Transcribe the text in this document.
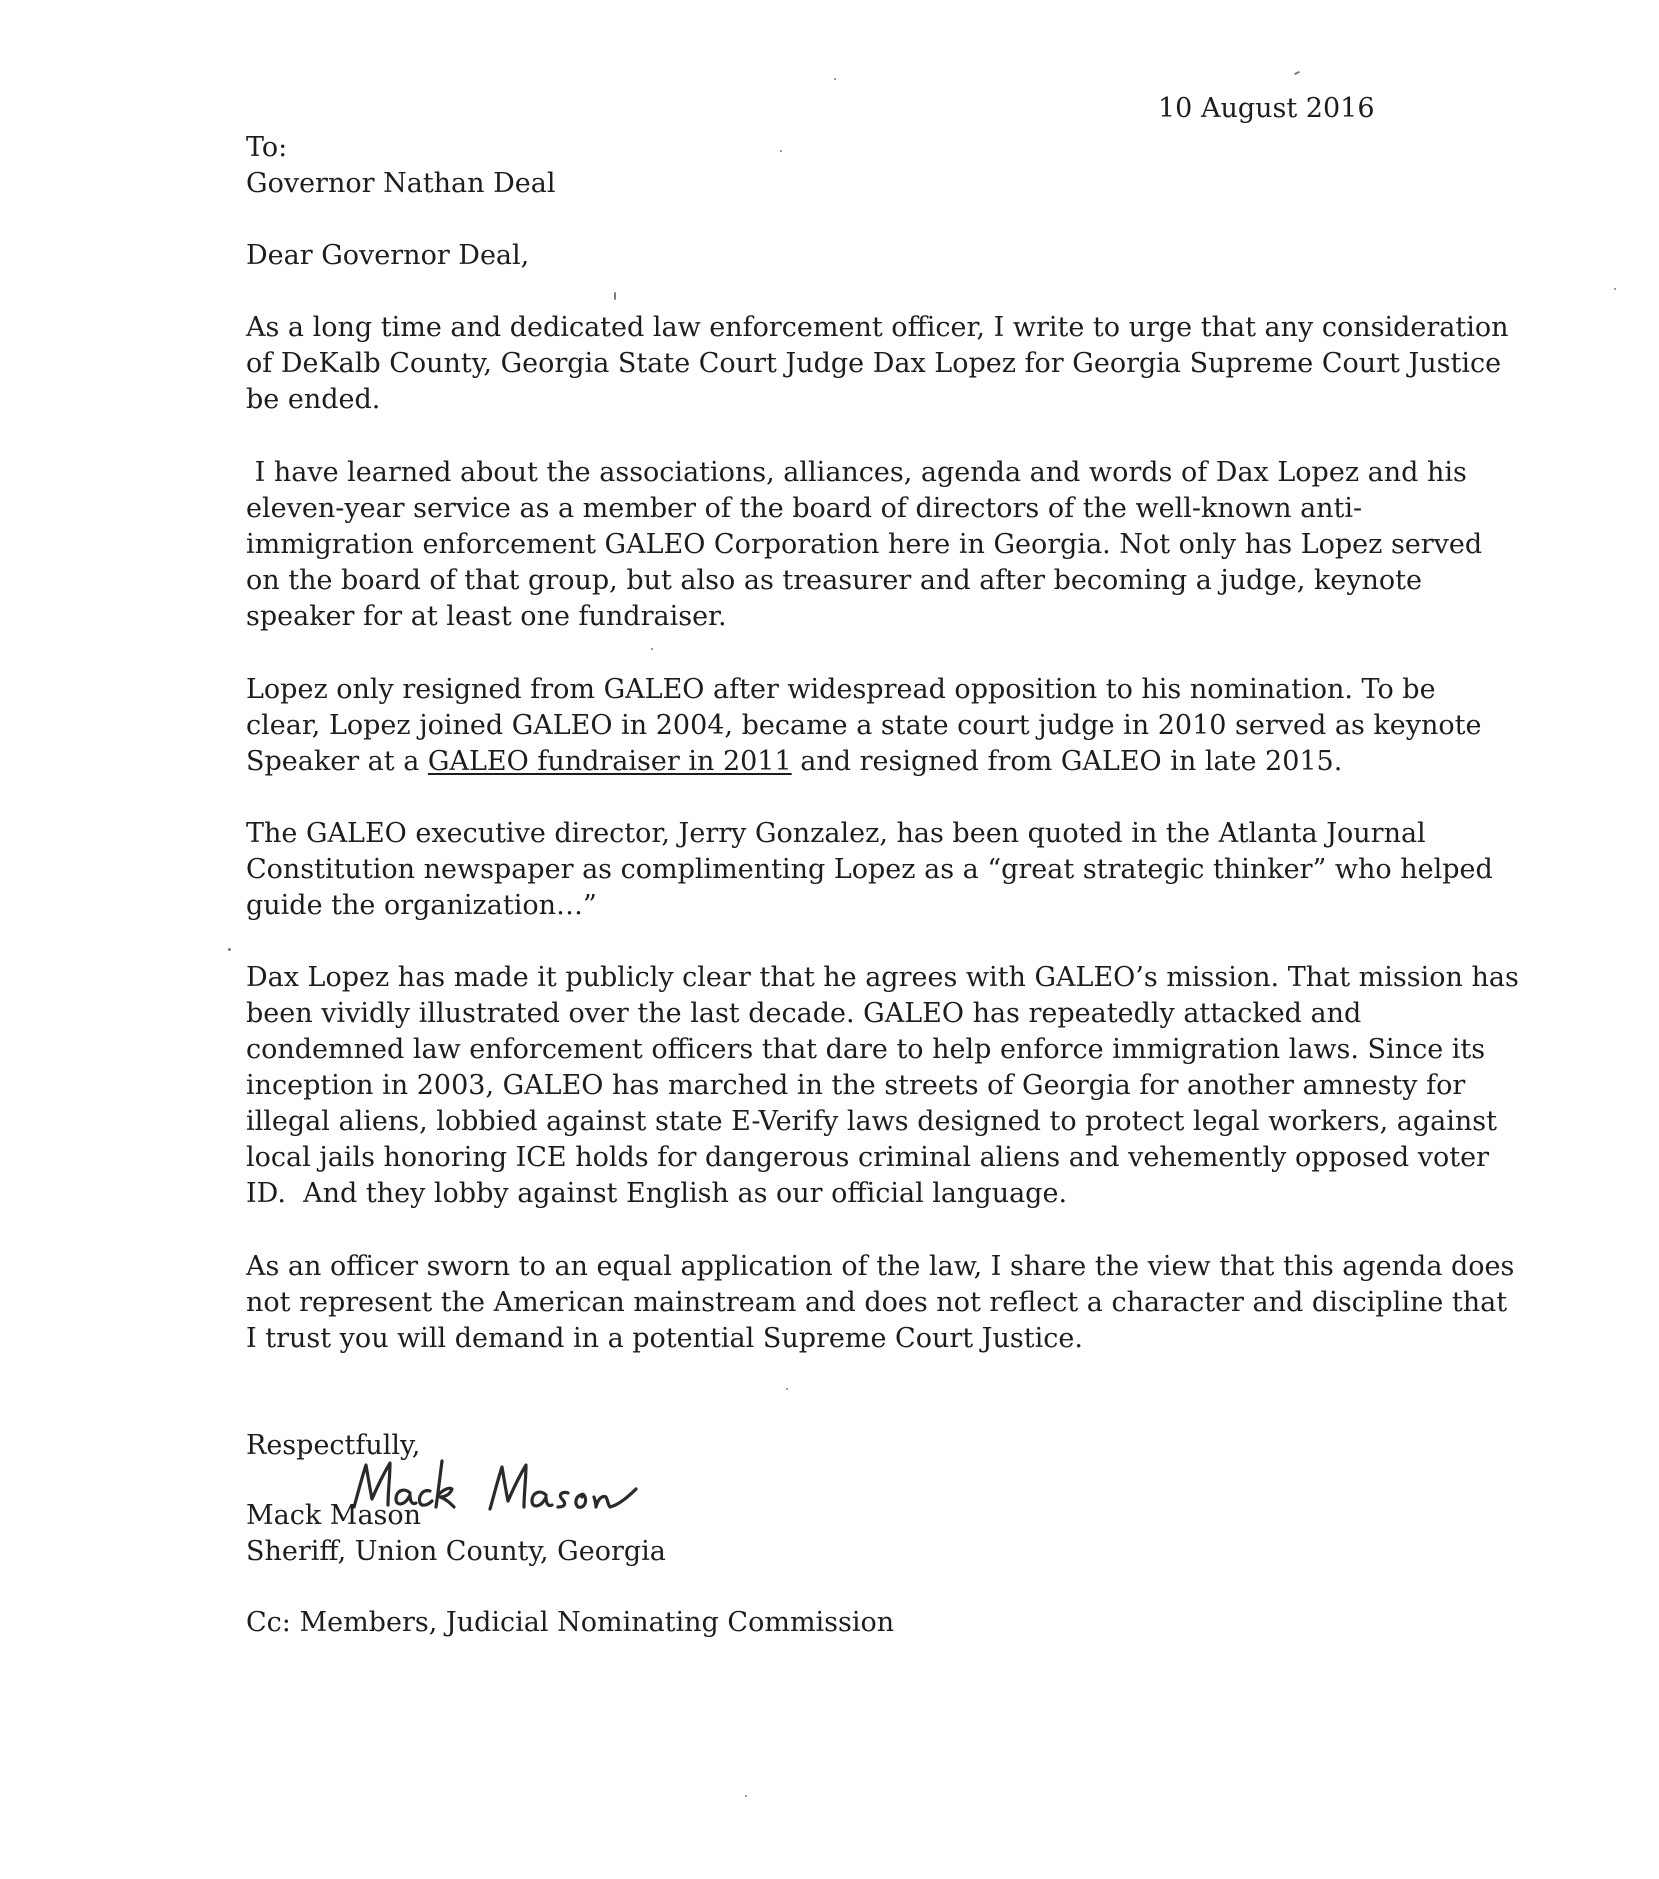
10 August 2016
To:
Governor Nathan Deal
Dear Governor Deal,
As a long time and dedicated law enforcement officer, I write to urge that any consideration
of DeKalb County, Georgia State Court Judge Dax Lopez for Georgia Supreme Court Justice
be ended.
I have learned about the associations, alliances, agenda and words of Dax Lopez and his
eleven-year service as a member of the board of directors of the well-known anti-
immigration enforcement GALEO Corporation here in Georgia. Not only has Lopez served
on the board of that group, but also as treasurer and after becoming a judge, keynote
speaker for at least one fundraiser.
Lopez only resigned from GALEO after widespread opposition to his nomination. To be
clear, Lopez joined GALEO in 2004, became a state court judge in 2010 served as keynote
Speaker at a GALEO fundraiser in 2011 and resigned from GALEO in late 2015.
The GALEO executive director, Jerry Gonzalez, has been quoted in the Atlanta Journal
Constitution newspaper as complimenting Lopez as a “great strategic thinker” who helped
guide the organization…”
Dax Lopez has made it publicly clear that he agrees with GALEO’s mission. That mission has
been vividly illustrated over the last decade. GALEO has repeatedly attacked and
condemned law enforcement officers that dare to help enforce immigration laws. Since its
inception in 2003, GALEO has marched in the streets of Georgia for another amnesty for
illegal aliens, lobbied against state E-Verify laws designed to protect legal workers, against
local jails honoring ICE holds for dangerous criminal aliens and vehemently opposed voter
ID.  And they lobby against English as our official language.
As an officer sworn to an equal application of the law, I share the view that this agenda does
not represent the American mainstream and does not reflect a character and discipline that
I trust you will demand in a potential Supreme Court Justice.
Respectfully,
Mack Mason
Sheriff, Union County, Georgia
Cc: Members, Judicial Nominating Commission
